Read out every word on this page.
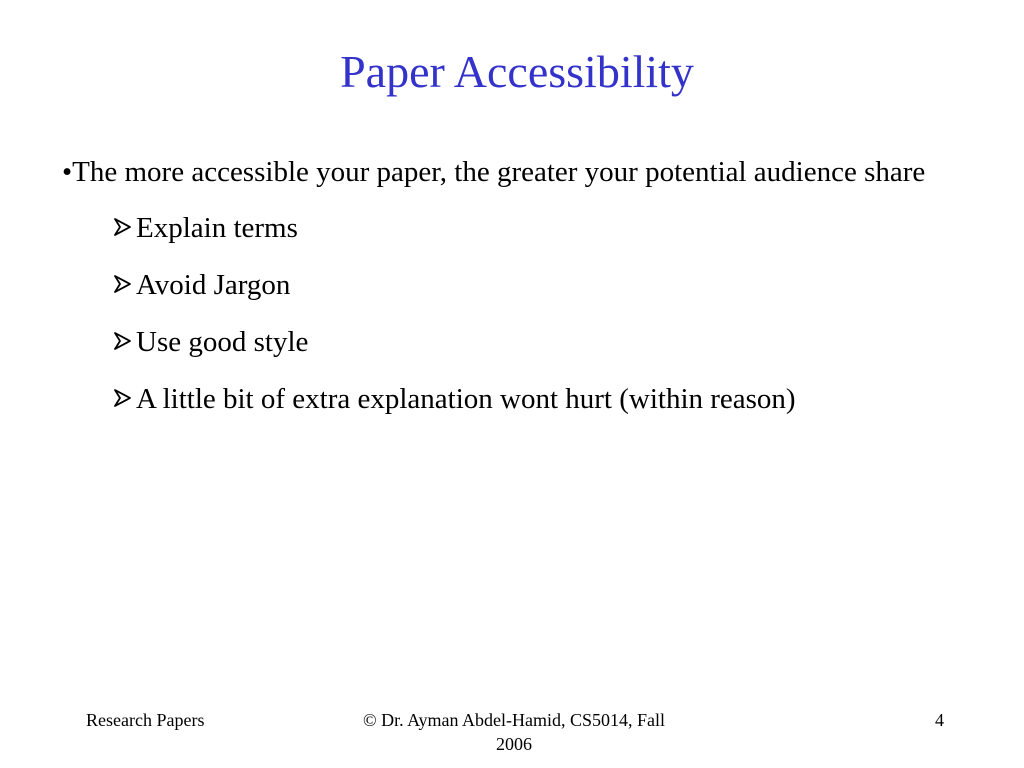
Paper Accessibility

•The more accessible your paper, the greater your potential audience share

Explain terms
Avoid Jargon
Use good style
A little bit of extra explanation wont hurt (within reason)
Research Papers	© Dr. Ayman Abdel-Hamid, CS5014, Fall 2006
4
